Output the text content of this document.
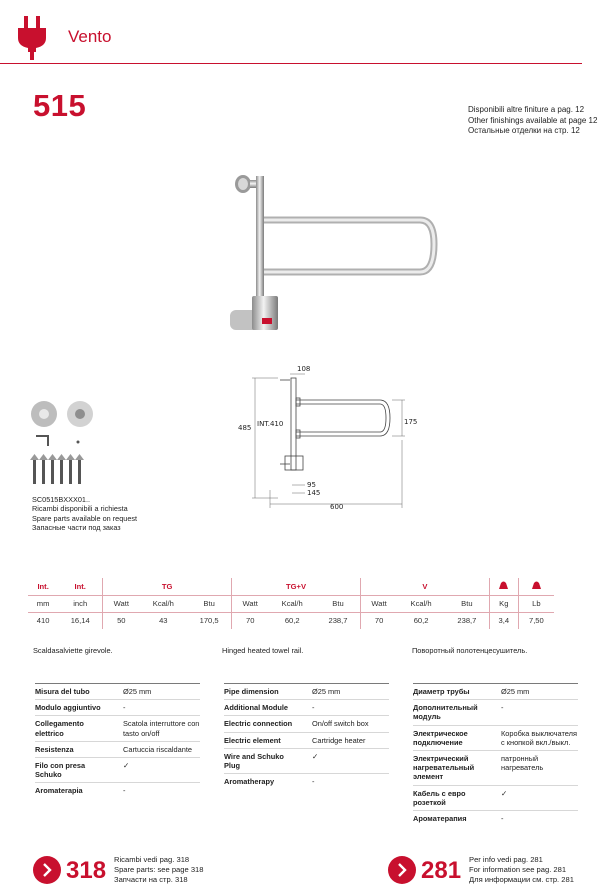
Vento
515	Disponibili altre finiture a pag. 12
Other finishings available at page 12
Остальные отделки на стр. 12
SC0515BXXX01..
Ricambi disponibili a richiesta
Spare parts available on request
Запасные части под заказ
108
485 INT.410	175
95
145
600
Int.	Int.	TG			TG+V			V		
mm	inch	Watt	Kcal/h	Btu	Watt	Kcal/h	Btu	Watt	Kcal/h	Btu	Kg	Lb
410	16,14	50	43	170,5	70	60,2	238,7	70	60,2	238,7	3,4	7,50
Scaldasalviette girevole.	Hinged heated towel rail.	Поворотный полотенцесушитель.
Misura del tubo	Ø25 mm
Modulo aggiuntivo	-
Collegamento elettrico	Scatola interruttore con tasto on/off
Resistenza	Cartuccia riscaldante
Filo con presa Schuko	✓
Aromaterapia	-
Pipe dimension	Ø25 mm
Additional Module	-
Electric connection	On/off switch box
Electric element	Cartridge heater
Wire and Schuko Plug	✓
Aromatherapy	-
Диаметр трубы	Ø25 mm
Дополнительный модуль	-
Электрическое подключение	Коробка выключателя с кнопкой вкл./выкл.
Электрический нагревательный элемент	патронный нагреватель
Кабель с евро розеткой	✓
Аромaтерапия	-
318 Ricambi vedi pag. 318
Spare parts: see page 318
Запчасти на стр. 318	281 Per info vedi pag. 281
For information see pag. 281
Для информации см. стр. 281
